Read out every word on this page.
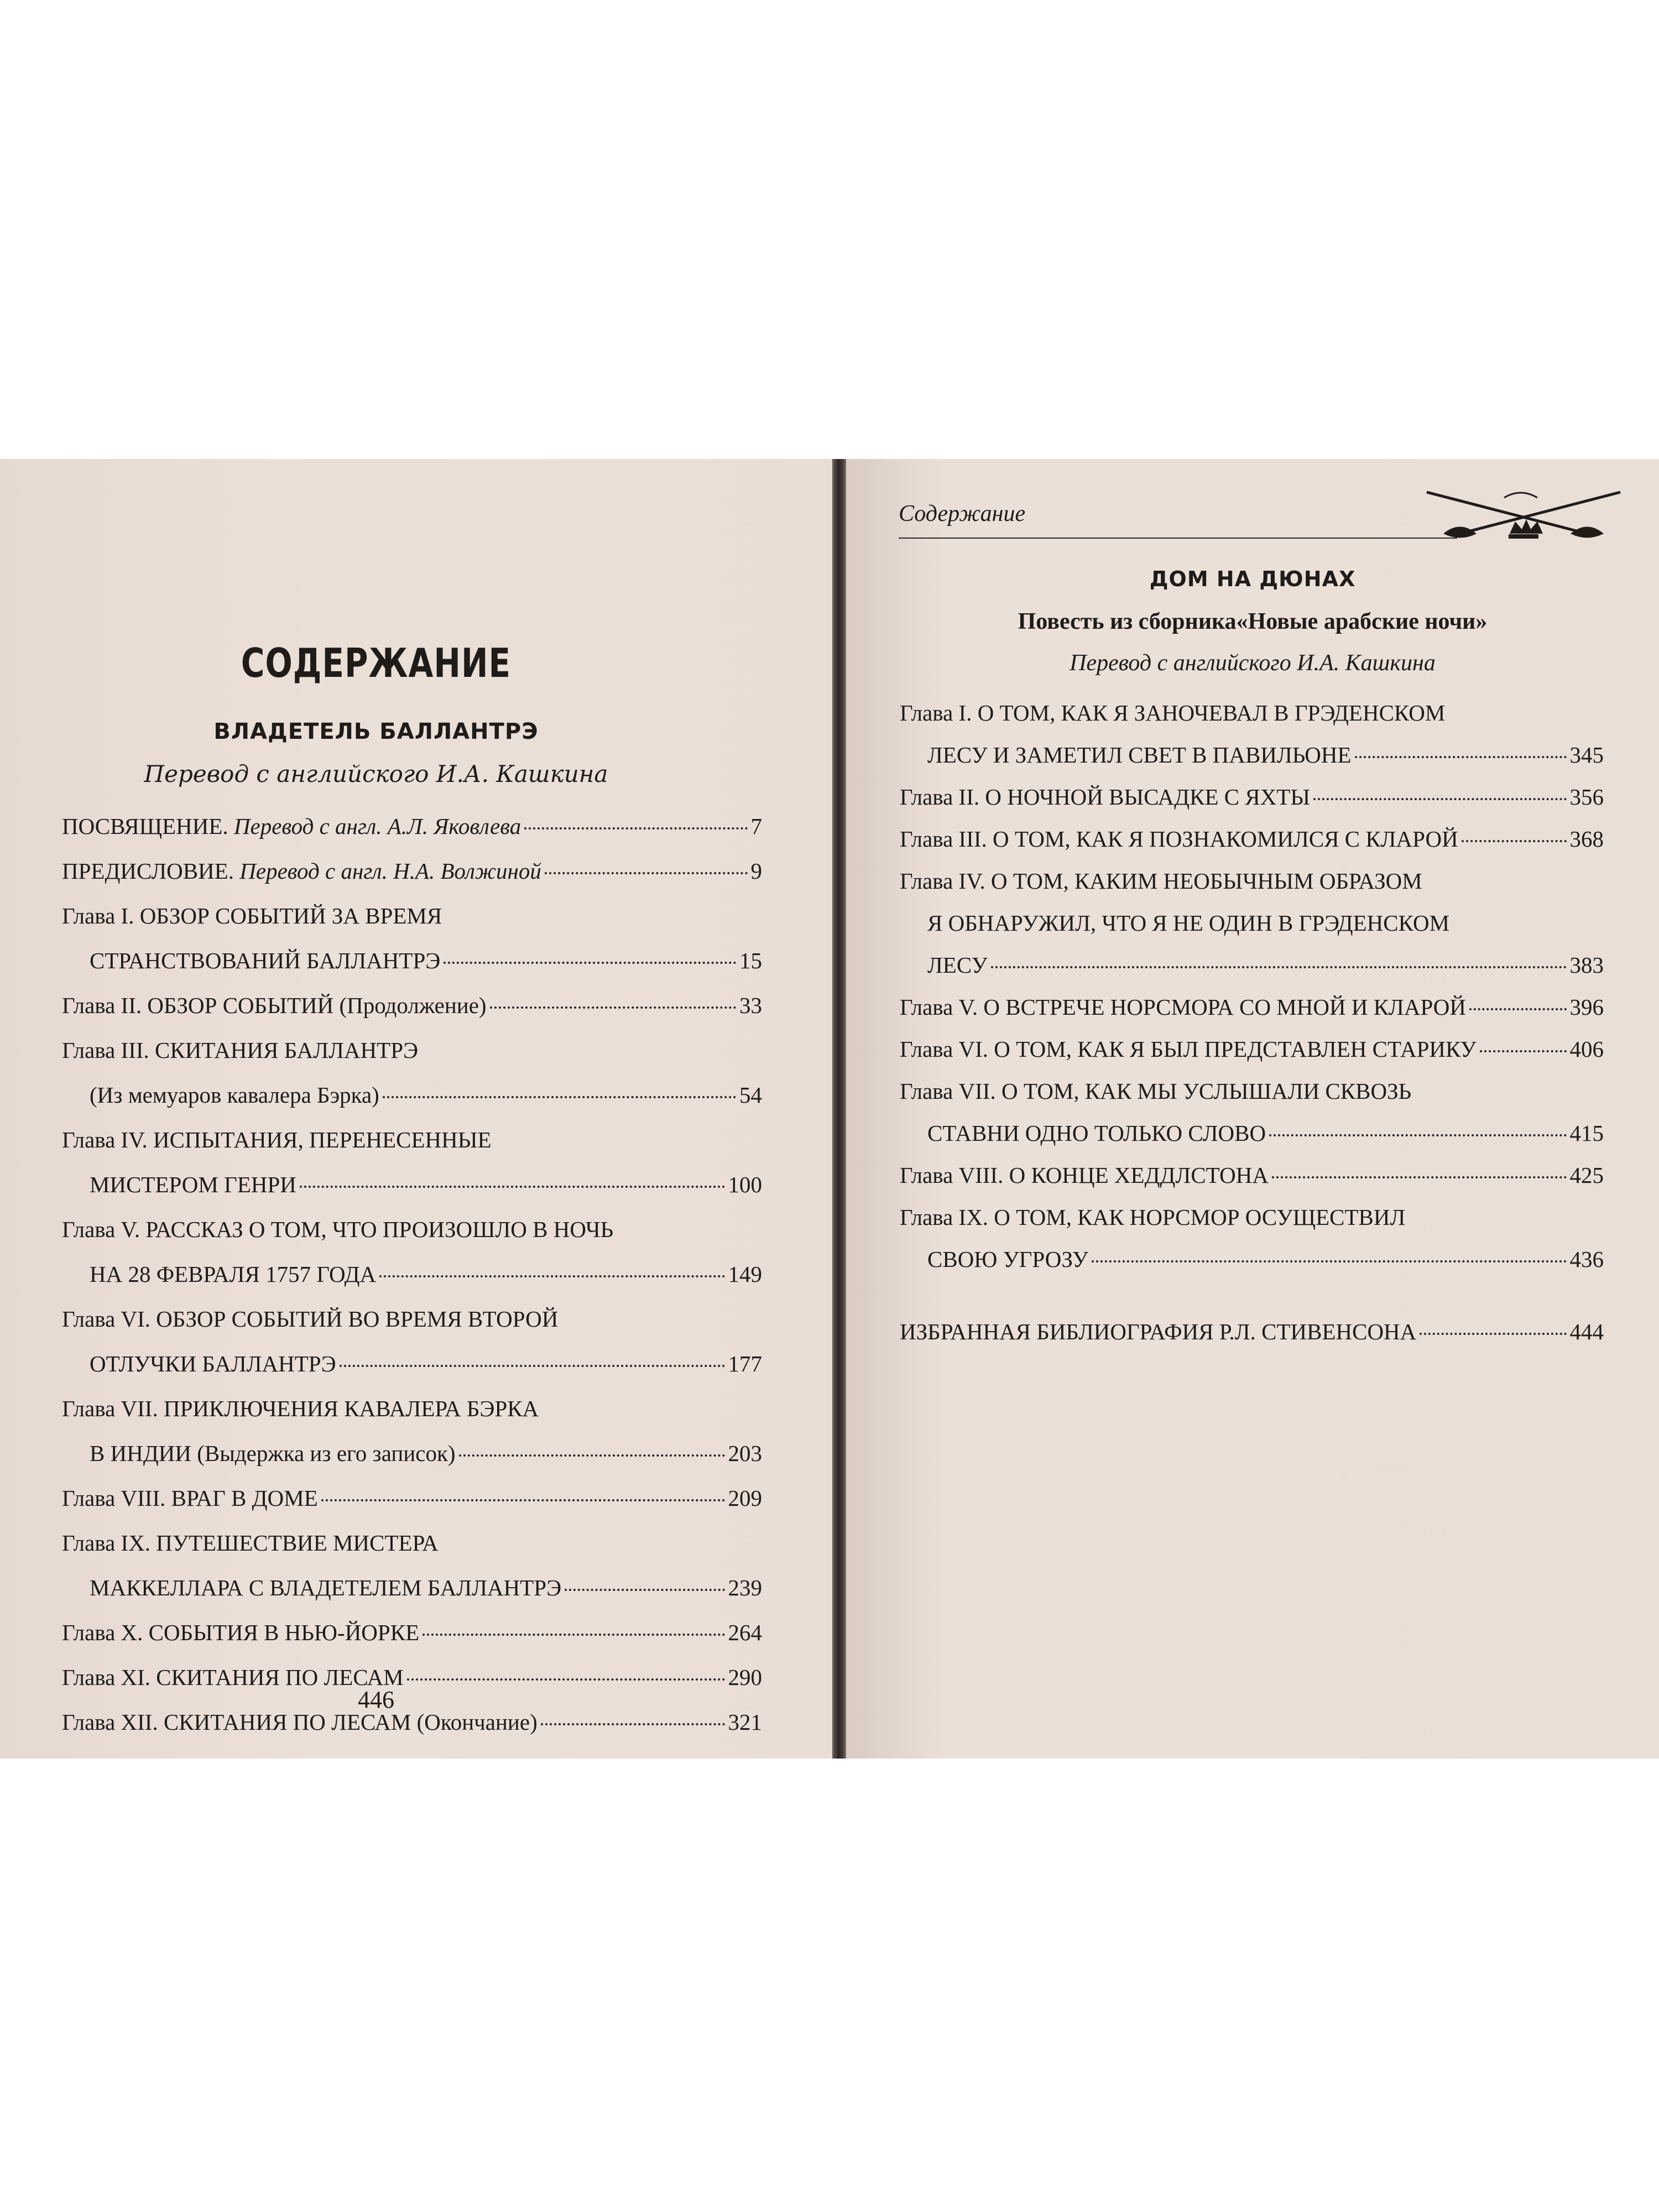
СОДЕРЖАНИЕ
ВЛАДЕТЕЛЬ БАЛЛАНТРЭ
Перевод с английского И.А. Кашкина
ПОСВЯЩЕНИЕ. Перевод с англ. А.Л. Яковлева	7
ПРЕДИСЛОВИЕ. Перевод с англ. Н.А. Волжиной	9
Глава I. ОБЗОР СОБЫТИЙ ЗА ВРЕМЯ
СТРАНСТВОВАНИЙ БАЛЛАНТРЭ	15
Глава II. ОБЗОР СОБЫТИЙ (Продолжение)	33
Глава III. СКИТАНИЯ БАЛЛАНТРЭ
(Из мемуаров кавалера Бэрка)	54
Глава IV. ИСПЫТАНИЯ, ПЕРЕНЕСЕННЫЕ
МИСТЕРОМ ГЕНРИ	100
Глава V. РАССКАЗ О ТОМ, ЧТО ПРОИЗОШЛО В НОЧЬ
НА 28 ФЕВРАЛЯ 1757 ГОДА	149
Глава VI. ОБЗОР СОБЫТИЙ ВО ВРЕМЯ ВТОРОЙ
ОТЛУЧКИ БАЛЛАНТРЭ	177
Глава VII. ПРИКЛЮЧЕНИЯ КАВАЛЕРА БЭРКА
В ИНДИИ (Выдержка из его записок)	203
Глава VIII. ВРАГ В ДОМЕ	209
Глава IX. ПУТЕШЕСТВИЕ МИСТЕРА
МАККЕЛЛАРА С ВЛАДЕТЕЛЕМ БАЛЛАНТРЭ	239
Глава X. СОБЫТИЯ В НЬЮ-ЙОРКЕ	264
Глава XI. СКИТАНИЯ ПО ЛЕСАМ	290
Глава XII. СКИТАНИЯ ПО ЛЕСАМ (Окончание)	321
446
Содержание
ДОМ НА ДЮНАХ
Повесть из сборника«Новые арабские ночи»
Перевод с английского И.А. Кашкина
Глава I. О ТОМ, КАК Я ЗАНОЧЕВАЛ В ГРЭДЕНСКОМ
ЛЕСУ И ЗАМЕТИЛ СВЕТ В ПАВИЛЬОНЕ	345
Глава II. О НОЧНОЙ ВЫСАДКЕ С ЯХТЫ	356
Глава III. О ТОМ, КАК Я ПОЗНАКОМИЛСЯ С КЛАРОЙ	368
Глава IV. О ТОМ, КАКИМ НЕОБЫЧНЫМ ОБРАЗОМ
Я ОБНАРУЖИЛ, ЧТО Я НЕ ОДИН В ГРЭДЕНСКОМ
ЛЕСУ	383
Глава V. О ВСТРЕЧЕ НОРСМОРА СО МНОЙ И КЛАРОЙ	396
Глава VI. О ТОМ, КАК Я БЫЛ ПРЕДСТАВЛЕН СТАРИКУ	406
Глава VII. О ТОМ, КАК МЫ УСЛЫШАЛИ СКВОЗЬ
СТАВНИ ОДНО ТОЛЬКО СЛОВО	415
Глава VIII. О КОНЦЕ ХЕДДЛСТОНА	425
Глава IX. О ТОМ, КАК НОРСМОР ОСУЩЕСТВИЛ
СВОЮ УГРОЗУ	436
ИЗБРАННАЯ БИБЛИОГРАФИЯ Р.Л. СТИВЕНСОНА	444
